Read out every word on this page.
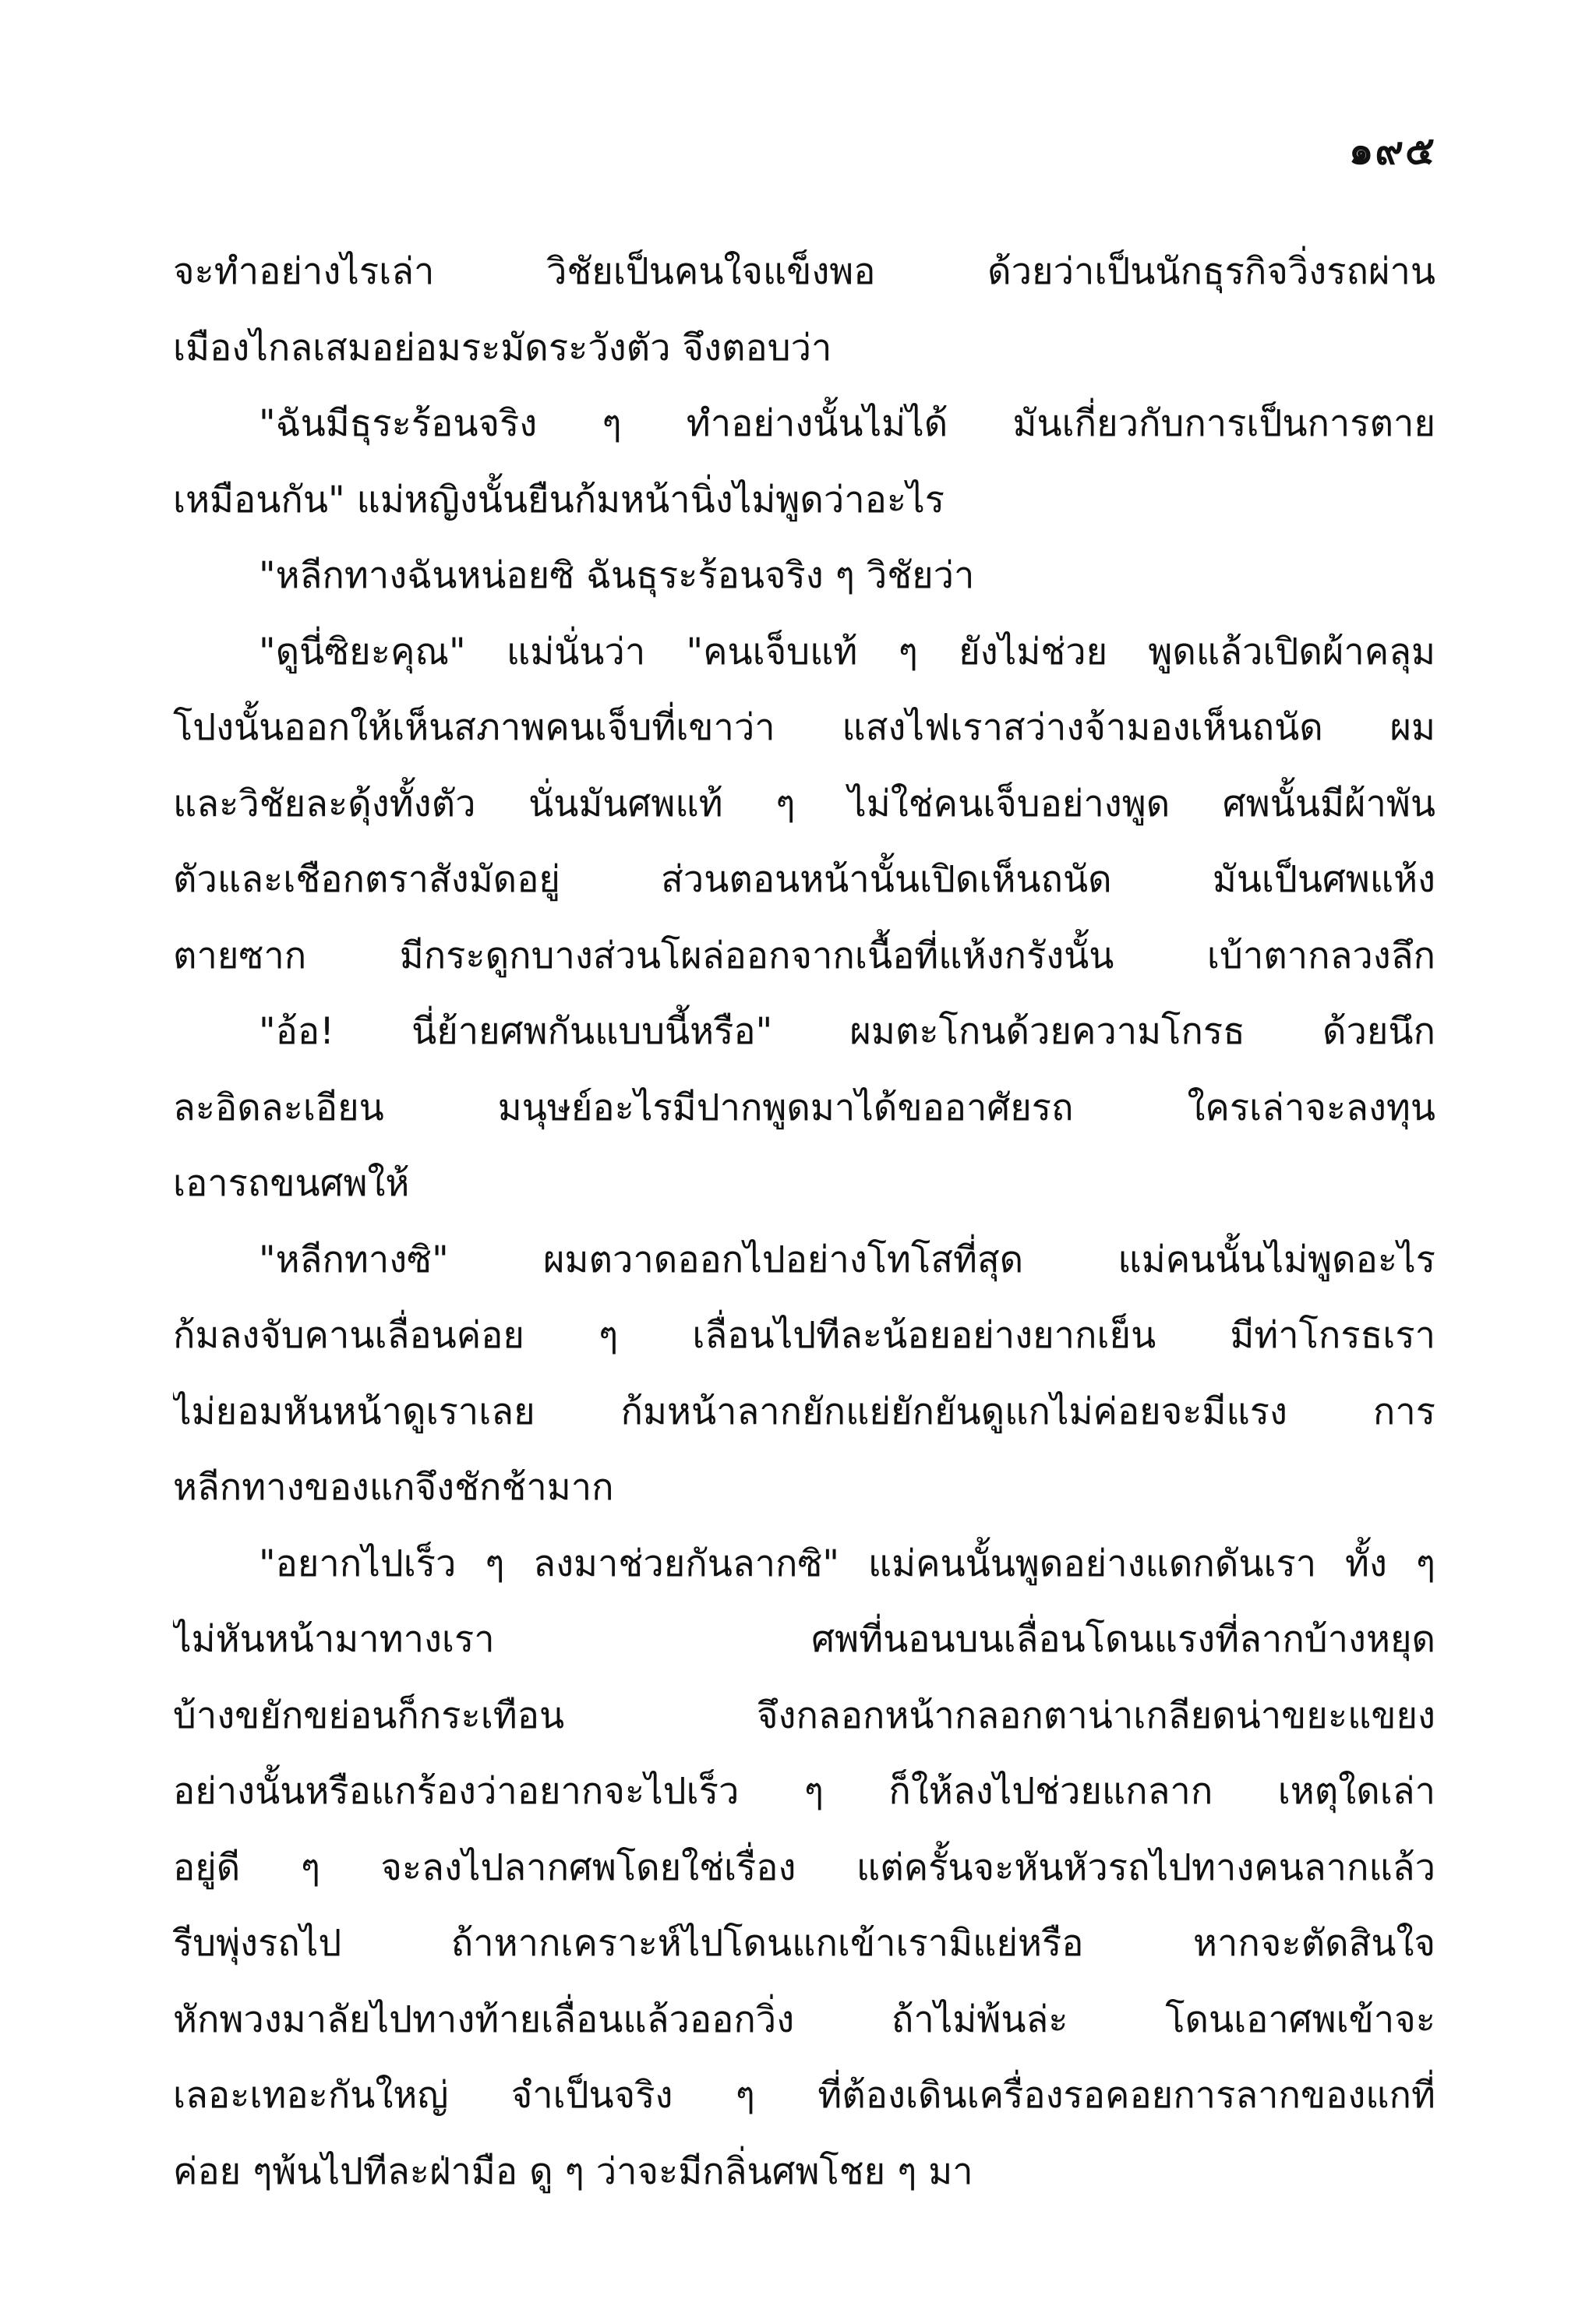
๑๙๕
จะทำอย่างไรเล่า วิชัยเป็นคนใจแข็งพอ ด้วยว่าเป็นนักธุรกิจวิ่งรถผ่าน
เมืองไกลเสมอย่อมระมัดระวังตัว จึงตอบว่า
"ฉันมีธุระร้อนจริง ๆ ทำอย่างนั้นไม่ได้ มันเกี่ยวกับการเป็นการตาย
เหมือนกัน" แม่หญิงนั้นยืนก้มหน้านิ่งไม่พูดว่าอะไร
"หลีกทางฉันหน่อยซิ ฉันธุระร้อนจริง ๆ วิชัยว่า
"ดูนี่ซิยะคุณ" แม่นั่นว่า "คนเจ็บแท้ ๆ ยังไม่ช่วย พูดแล้วเปิดผ้าคลุม
โปงนั้นออกให้เห็นสภาพคนเจ็บที่เขาว่า แสงไฟเราสว่างจ้ามองเห็นถนัด ผม
และวิชัยละดุ้งทั้งตัว นั่นมันศพแท้ ๆ ไม่ใช่คนเจ็บอย่างพูด ศพนั้นมีผ้าพัน
ตัวและเชือกตราสังมัดอยู่ ส่วนตอนหน้านั้นเปิดเห็นถนัด มันเป็นศพแห้ง
ตายซาก มีกระดูกบางส่วนโผล่ออกจากเนื้อที่แห้งกรังนั้น เบ้าตากลวงลึก
"อ้อ! นี่ย้ายศพกันแบบนี้หรือ" ผมตะโกนด้วยความโกรธ ด้วยนึก
ละอิดละเอียน มนุษย์อะไรมีปากพูดมาได้ขออาศัยรถ ใครเล่าจะลงทุน
เอารถขนศพให้
"หลีกทางซิ" ผมตวาดออกไปอย่างโทโสที่สุด แม่คนนั้นไม่พูดอะไร
ก้มลงจับคานเลื่อนค่อย ๆ เลื่อนไปทีละน้อยอย่างยากเย็น มีท่าโกรธเรา
ไม่ยอมหันหน้าดูเราเลย ก้มหน้าลากยักแย่ยักยันดูแกไม่ค่อยจะมีแรง การ
หลีกทางของแกจึงชักช้ามาก
"อยากไปเร็ว ๆ ลงมาช่วยกันลากซิ" แม่คนนั้นพูดอย่างแดกดันเรา ทั้ง ๆ
ไม่หันหน้ามาทางเรา ศพที่นอนบนเลื่อนโดนแรงที่ลากบ้างหยุด
บ้างขยักขย่อนก็กระเทือน จึงกลอกหน้ากลอกตาน่าเกลียดน่าขยะแขยง
อย่างนั้นหรือแกร้องว่าอยากจะไปเร็ว ๆ ก็ให้ลงไปช่วยแกลาก เหตุใดเล่า
อยู่ดี ๆ จะลงไปลากศพโดยใช่เรื่อง แต่ครั้นจะหันหัวรถไปทางคนลากแล้ว
รีบพุ่งรถไป ถ้าหากเคราะห์ไปโดนแกเข้าเรามิแย่หรือ หากจะตัดสินใจ
หักพวงมาลัยไปทางท้ายเลื่อนแล้วออกวิ่ง ถ้าไม่พ้นล่ะ โดนเอาศพเข้าจะ
เลอะเทอะกันใหญ่ จำเป็นจริง ๆ ที่ต้องเดินเครื่องรอคอยการลากของแกที่
ค่อย ๆพ้นไปทีละฝ่ามือ ดู ๆ ว่าจะมีกลิ่นศพโชย ๆ มา
